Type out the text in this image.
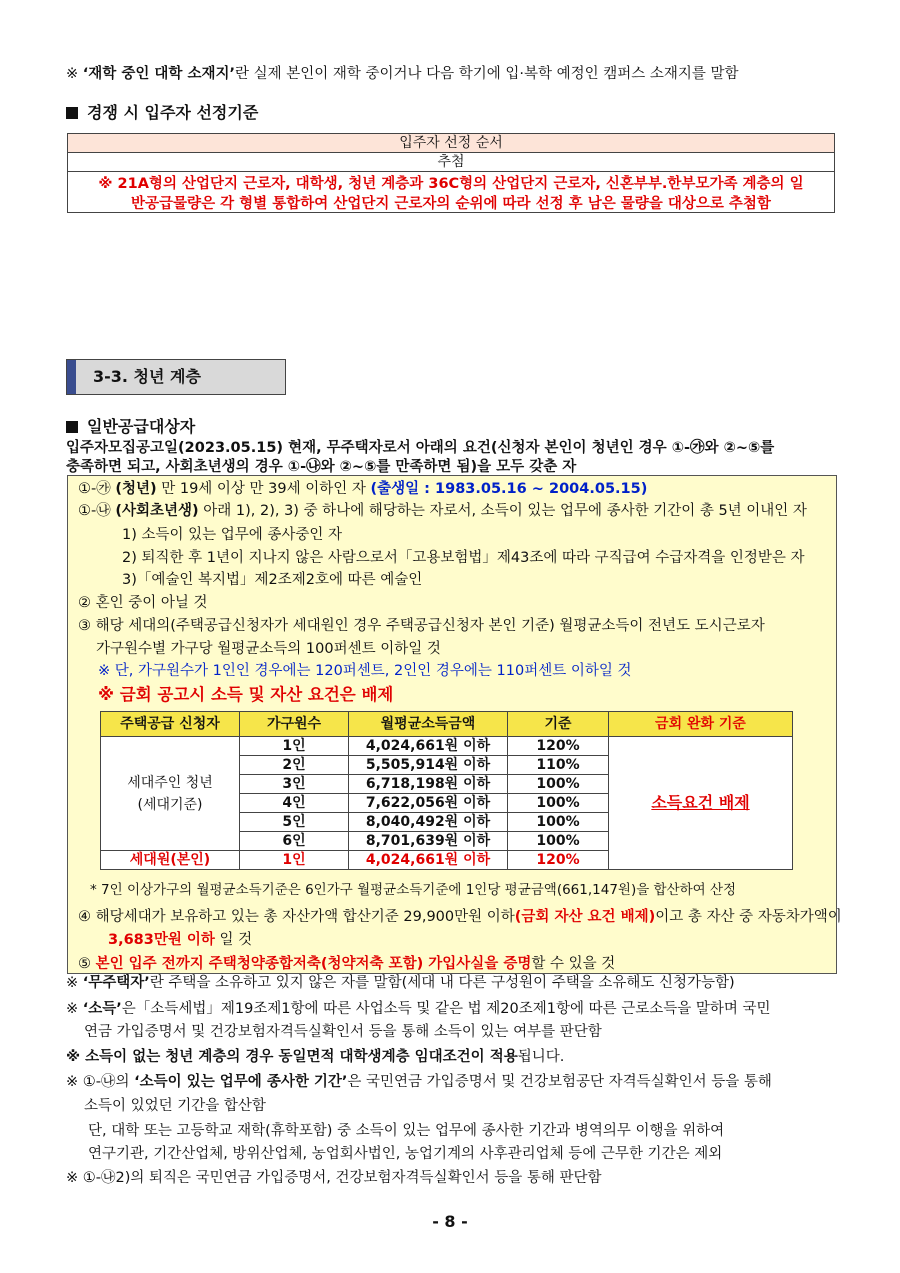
※ ‘재학 중인 대학 소재지’란 실제 본인이 재학 중이거나 다음 학기에 입·복학 예정인 캠퍼스 소재지를 말함
경쟁 시 입주자 선정기준
입주자 선정 순서
추첨
※ 21A형의 산업단지 근로자, 대학생, 청년 계층과 36C형의 산업단지 근로자, 신혼부부.한부모가족 계층의 일
반공급물량은 각 형별 통합하여 산업단지 근로자의 순위에 따라 선정 후 남은 물량을 대상으로 추첨함
3-3. 청년 계층
일반공급대상자
입주자모집공고일(2023.05.15) 현재, 무주택자로서 아래의 요건(신청자 본인이 청년인 경우 ①-㉮와 ②~⑤를
충족하면 되고, 사회초년생의 경우 ①-㉯와 ②~⑤를 만족하면 됨)을 모두 갖춘 자
①-㉮ (청년) 만 19세 이상 만 39세 이하인 자 (출생일 : 1983.05.16 ~ 2004.05.15)
①-㉯ (사회초년생) 아래 1), 2), 3) 중 하나에 해당하는 자로서, 소득이 있는 업무에 종사한 기간이 총 5년 이내인 자
1) 소득이 있는 업무에 종사중인 자
2) 퇴직한 후 1년이 지나지 않은 사람으로서「고용보험법」제43조에 따라 구직급여 수급자격을 인정받은 자
3)「예술인 복지법」제2조제2호에 따른 예술인
② 혼인 중이 아닐 것
③ 해당 세대의(주택공급신청자가 세대원인 경우 주택공급신청자 본인 기준) 월평균소득이 전년도 도시근로자
가구원수별 가구당 월평균소득의 100퍼센트 이하일 것
※ 단, 가구원수가 1인인 경우에는 120퍼센트, 2인인 경우에는 110퍼센트 이하일 것
※ 금회 공고시 소득 및 자산 요건은 배제
* 7인 이상가구의 월평균소득기준은 6인가구 월평균소득기준에 1인당 평균금액(661,147원)을 합산하여 산정
④ 해당세대가 보유하고 있는 총 자산가액 합산기준 29,900만원 이하(금회 자산 요건 배제)이고 총 자산 중 자동차가액이
3,683만원 이하 일 것
⑤ 본인 입주 전까지 주택청약종합저축(청약저축 포함) 가입사실을 증명할 수 있을 것
주택공급 신청자	가구원수	월평균소득금액	기준	금회 완화 기준

세대주인 청년
(세대기준)	1인	4,024,661원 이하	120%	소득요건 배제
	2인	5,505,914원 이하	110%	
	3인	6,718,198원 이하	100%	
	4인	7,622,056원 이하	100%	
	5인	8,040,492원 이하	100%	
	6인	8,701,639원 이하	100%	
세대원(본인)	1인	4,024,661원 이하	120%	
※ ‘무주택자’란 주택을 소유하고 있지 않은 자를 말함(세대 내 다른 구성원이 주택을 소유해도 신청가능함)
※ ‘소득’은「소득세법」제19조제1항에 따른 사업소득 및 같은 법 제20조제1항에 따른 근로소득을 말하며 국민
연금 가입증명서 및 건강보험자격득실확인서 등을 통해 소득이 있는 여부를 판단함
※ 소득이 없는 청년 계층의 경우 동일면적 대학생계층 임대조건이 적용됩니다.
※ ①-㉯의 ‘소득이 있는 업무에 종사한 기간’은 국민연금 가입증명서 및 건강보험공단 자격득실확인서 등을 통해
소득이 있었던 기간을 합산함
단, 대학 또는 고등학교 재학(휴학포함) 중 소득이 있는 업무에 종사한 기간과 병역의무 이행을 위하여
연구기관, 기간산업체, 방위산업체, 농업회사법인, 농업기계의 사후관리업체 등에 근무한 기간은 제외
※ ①-㉯2)의 퇴직은 국민연금 가입증명서, 건강보험자격득실확인서 등을 통해 판단함
- 8 -
